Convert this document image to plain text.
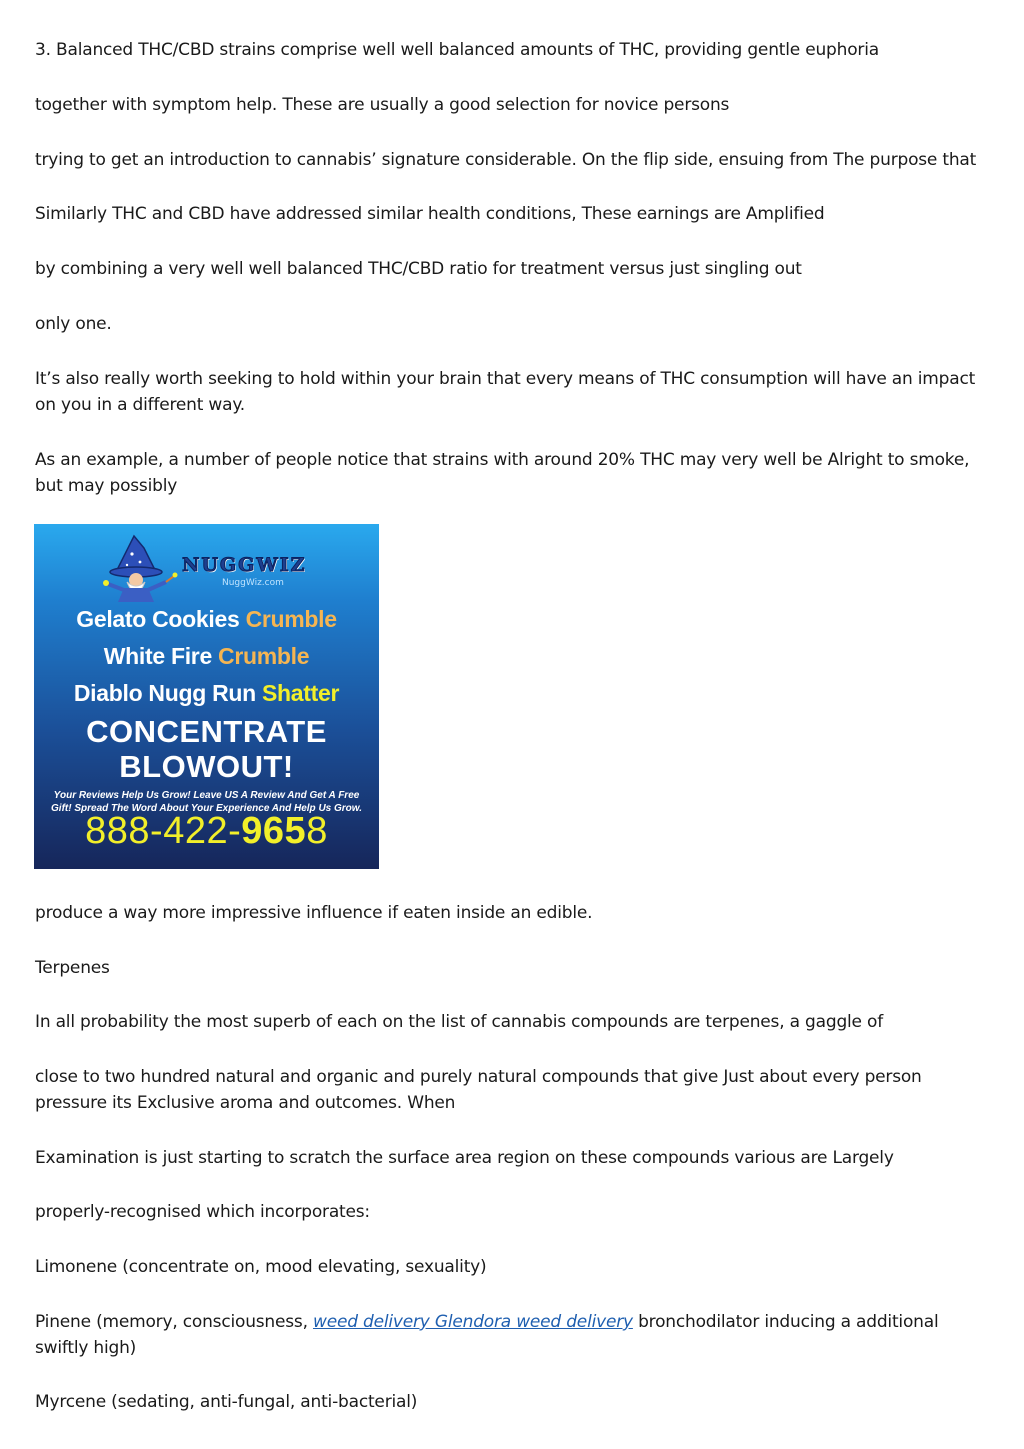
3. Balanced THC/CBD strains comprise well well balanced amounts of THC, providing gentle euphoria

together with symptom help. These are usually a good selection for novice persons

trying to get an introduction to cannabis’ signature considerable. On the flip side, ensuing from The purpose that

Similarly THC and CBD have addressed similar health conditions, These earnings are Amplified

by combining a very well well balanced THC/CBD ratio for treatment versus just singling out

only one.

It’s also really worth seeking to hold within your brain that every means of THC consumption will have an impact on you in a different way.

As an example, a number of people notice that strains with around 20% THC may very well be Alright to smoke, but may possibly

NUGGWIZ
NuggWiz.com
Gelato Cookies Crumble
White Fire Crumble
Diablo Nugg Run Shatter
CONCENTRATE
BLOWOUT!
Your Reviews Help Us Grow! Leave US A Review And Get A Free Gift! Spread The Word About Your Experience And Help Us Grow.
888-422-9658

produce a way more impressive influence if eaten inside an edible.

Terpenes

In all probability the most superb of each on the list of cannabis compounds are terpenes, a gaggle of

close to two hundred natural and organic and purely natural compounds that give Just about every person pressure its Exclusive aroma and outcomes. When

Examination is just starting to scratch the surface area region on these compounds various are Largely

properly-recognised which incorporates:

Limonene (concentrate on, mood elevating, sexuality)

Pinene (memory, consciousness, weed delivery Glendora weed delivery bronchodilator inducing a additional swiftly high)

Myrcene (sedating, anti-fungal, anti-bacterial)
